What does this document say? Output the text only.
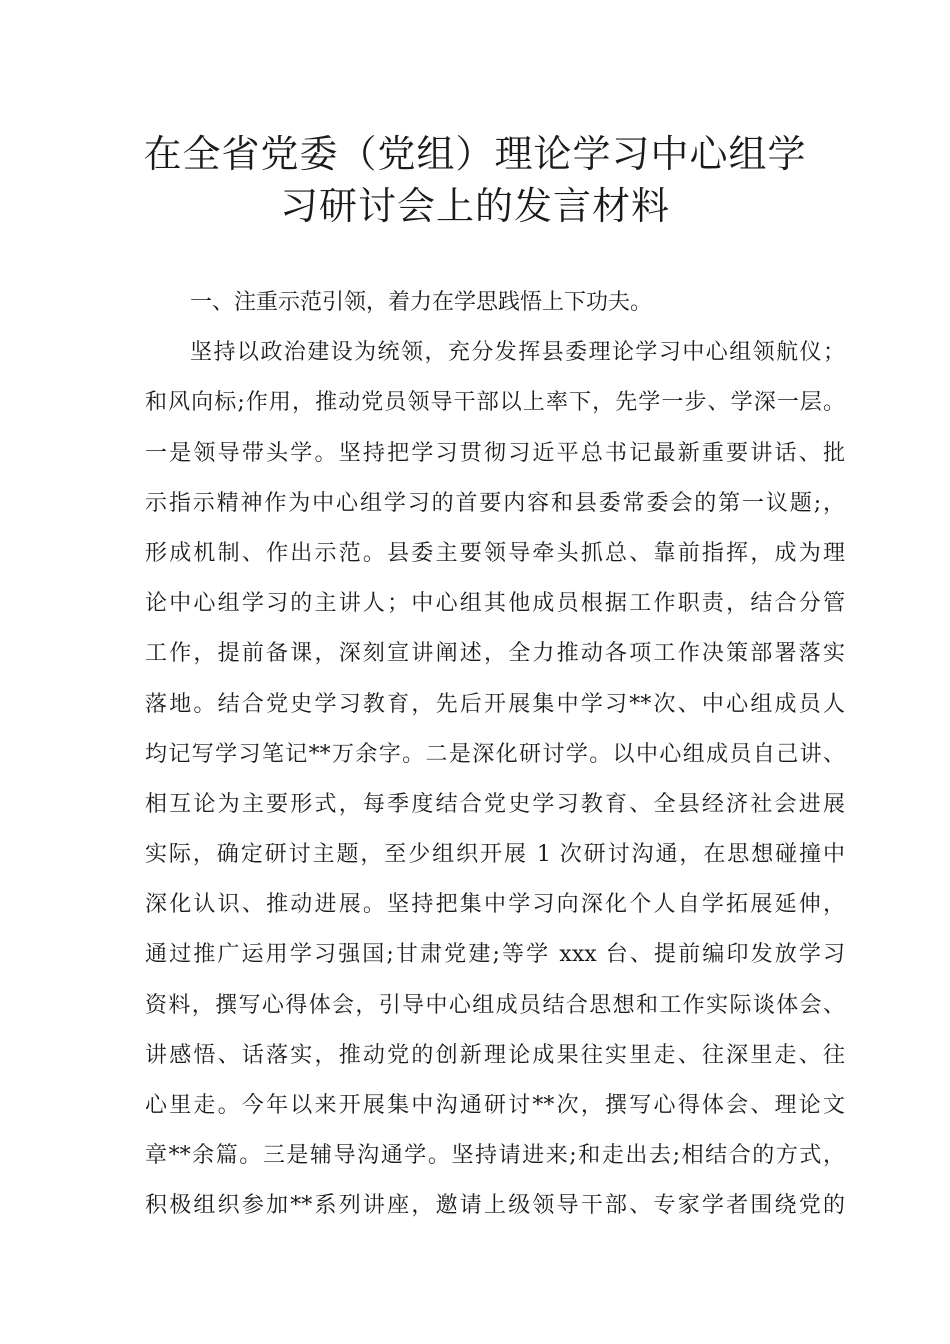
在全省党委（党组）理论学习中心组学
习研讨会上的发言材料
一、注重示范引领，着力在学思践悟上下功夫。
坚持以政治建设为统领，充分发挥县委理论学习中心组领航仪；
和风向标;作用，推动党员领导干部以上率下，先学一步、学深一层。
一是领导带头学。坚持把学习贯彻习近平总书记最新重要讲话、批
示指示精神作为中心组学习的首要内容和县委常委会的第一议题;，
形成机制、作出示范。县委主要领导牵头抓总、靠前指挥，成为理
论中心组学习的主讲人；中心组其他成员根据工作职责，结合分管
工作，提前备课，深刻宣讲阐述，全力推动各项工作决策部署落实
落地。结合党史学习教育，先后开展集中学习**次、中心组成员人
均记写学习笔记**万余字。二是深化研讨学。以中心组成员自己讲、
相互论为主要形式，每季度结合党史学习教育、全县经济社会进展
实际，确定研讨主题，至少组织开展 1 次研讨沟通，在思想碰撞中
深化认识、推动进展。坚持把集中学习向深化个人自学拓展延伸，
通过推广运用学习强国;甘肃党建;等学 xxx 台、提前编印发放学习
资料，撰写心得体会，引导中心组成员结合思想和工作实际谈体会、
讲感悟、话落实，推动党的创新理论成果往实里走、往深里走、往
心里走。今年以来开展集中沟通研讨**次，撰写心得体会、理论文
章**余篇。三是辅导沟通学。坚持请进来;和走出去;相结合的方式，
积极组织参加**系列讲座，邀请上级领导干部、专家学者围绕党的
